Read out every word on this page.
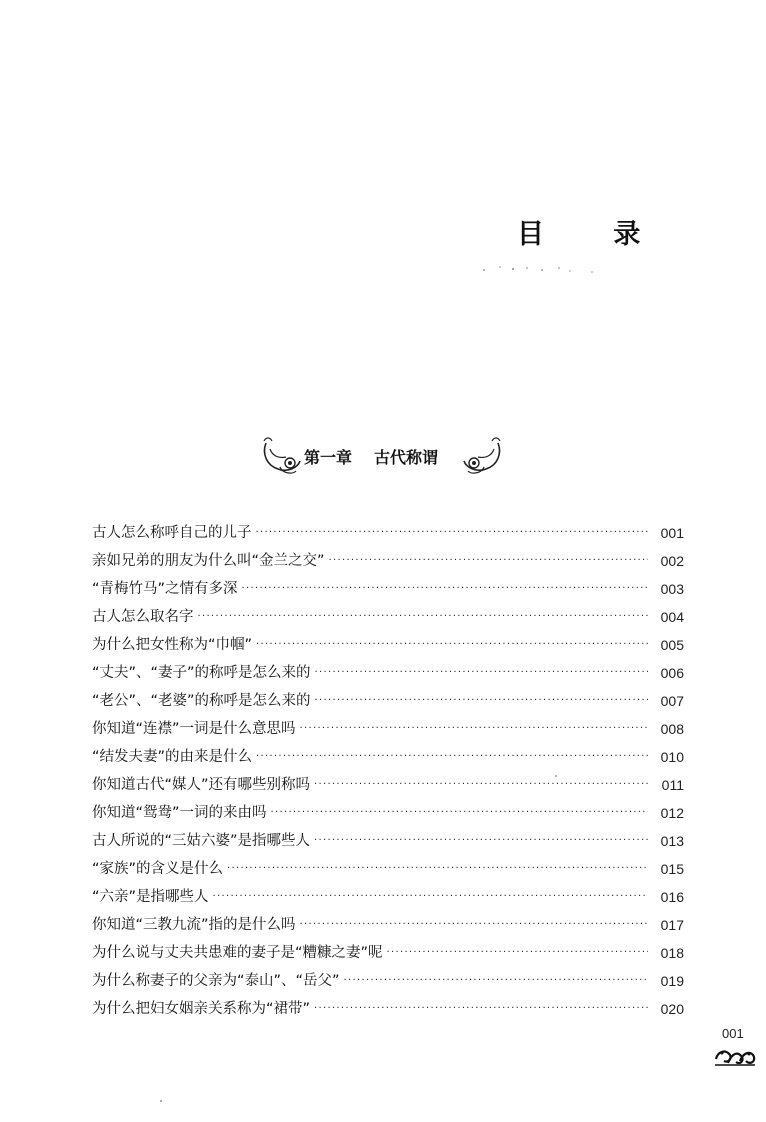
目 录
第一章 古代称谓
古人怎么称呼自己的儿子 ·····	001
亲如兄弟的朋友为什么叫“金兰之交” ·····	002
“青梅竹马”之情有多深 ·····	003
古人怎么取名字 ·····	004
为什么把女性称为“巾帼” ·····	005
“丈夫”、“妻子”的称呼是怎么来的 ·····	006
“老公”、“老婆”的称呼是怎么来的 ·····	007
你知道“连襟”一词是什么意思吗 ·····	008
“结发夫妻”的由来是什么 ·····	010
你知道古代“媒人”还有哪些别称吗 ·····	011
你知道“鸳鸯”一词的来由吗 ·····	012
古人所说的“三姑六婆”是指哪些人 ·····	013
“家族”的含义是什么 ·····	015
“六亲”是指哪些人 ·····	016
你知道“三教九流”指的是什么吗 ·····	017
为什么说与丈夫共患难的妻子是“糟糠之妻”呢 ·····	018
为什么称妻子的父亲为“泰山”、“岳父” ·····	019
为什么把妇女姻亲关系称为“裙带” ·····	020
001
